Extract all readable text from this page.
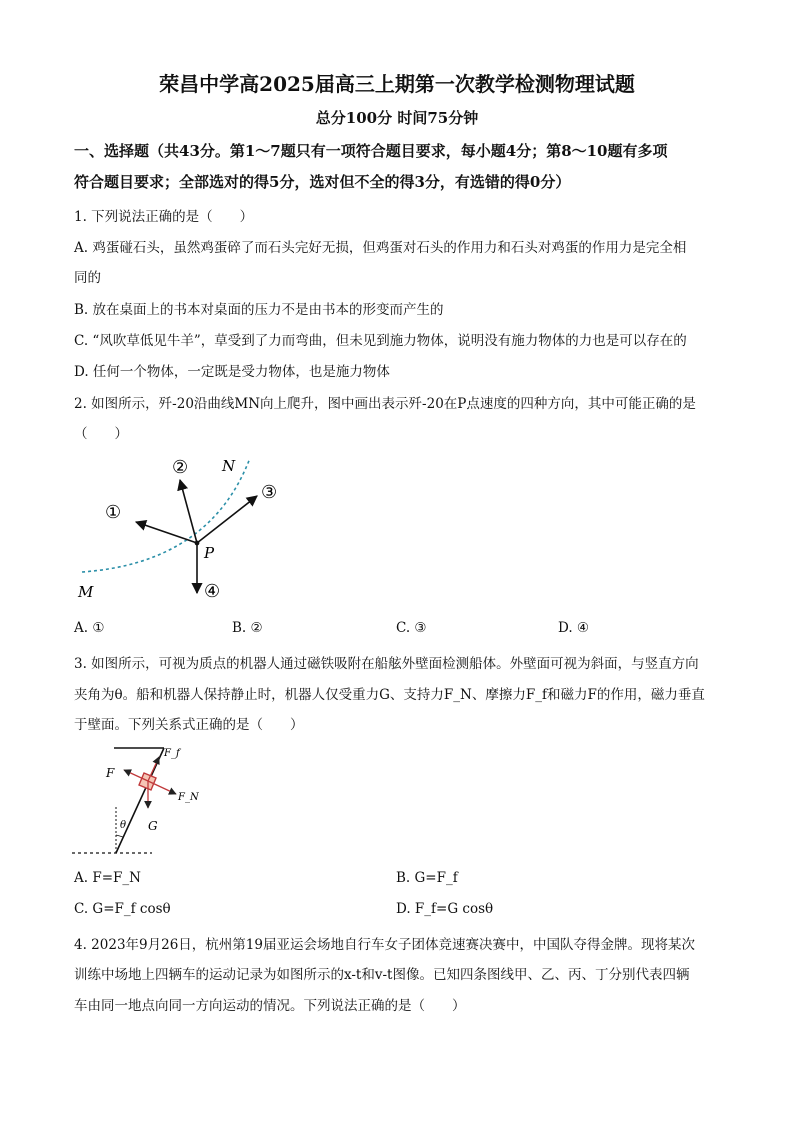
荣昌中学高2025届高三上期第一次教学检测物理试题
总分100分 时间75分钟
一、选择题（共43分。第1～7题只有一项符合题目要求，每小题4分；第8～10题有多项
符合题目要求；全部选对的得5分，选对但不全的得3分，有选错的得0分）
1. 下列说法正确的是（　　）
A. 鸡蛋碰石头，虽然鸡蛋碎了而石头完好无损，但鸡蛋对石头的作用力和石头对鸡蛋的作用力是完全相
同的
B. 放在桌面上的书本对桌面的压力不是由书本的形变而产生的
C. “风吹草低见牛羊”，草受到了力而弯曲，但未见到施力物体，说明没有施力物体的力也是可以存在的
D. 任何一个物体，一定既是受力物体，也是施力物体
2. 如图所示，歼-20沿曲线MN向上爬升，图中画出表示歼-20在P点速度的四种方向，其中可能正确的是
（　　）
①
②
③
④
N
M
P
A. ①	B. ②	C. ③	D. ④
3. 如图所示，可视为质点的机器人通过磁铁吸附在船舷外壁面检测船体。外壁面可视为斜面，与竖直方向
夹角为θ。船和机器人保持静止时，机器人仅受重力G、支持力F_N、摩擦力F_f和磁力F的作用，磁力垂直
于壁面。下列关系式正确的是（　　）
F_f
F
F_N
G
θ
A. F=F_N	B. G=F_f
C. G=F_f cosθ	D. F_f=G cosθ
4. 2023年9月26日，杭州第19届亚运会场地自行车女子团体竞速赛决赛中，中国队夺得金牌。现将某次
训练中场地上四辆车的运动记录为如图所示的x-t和v-t图像。已知四条图线甲、乙、丙、丁分别代表四辆
车由同一地点向同一方向运动的情况。下列说法正确的是（　　）
